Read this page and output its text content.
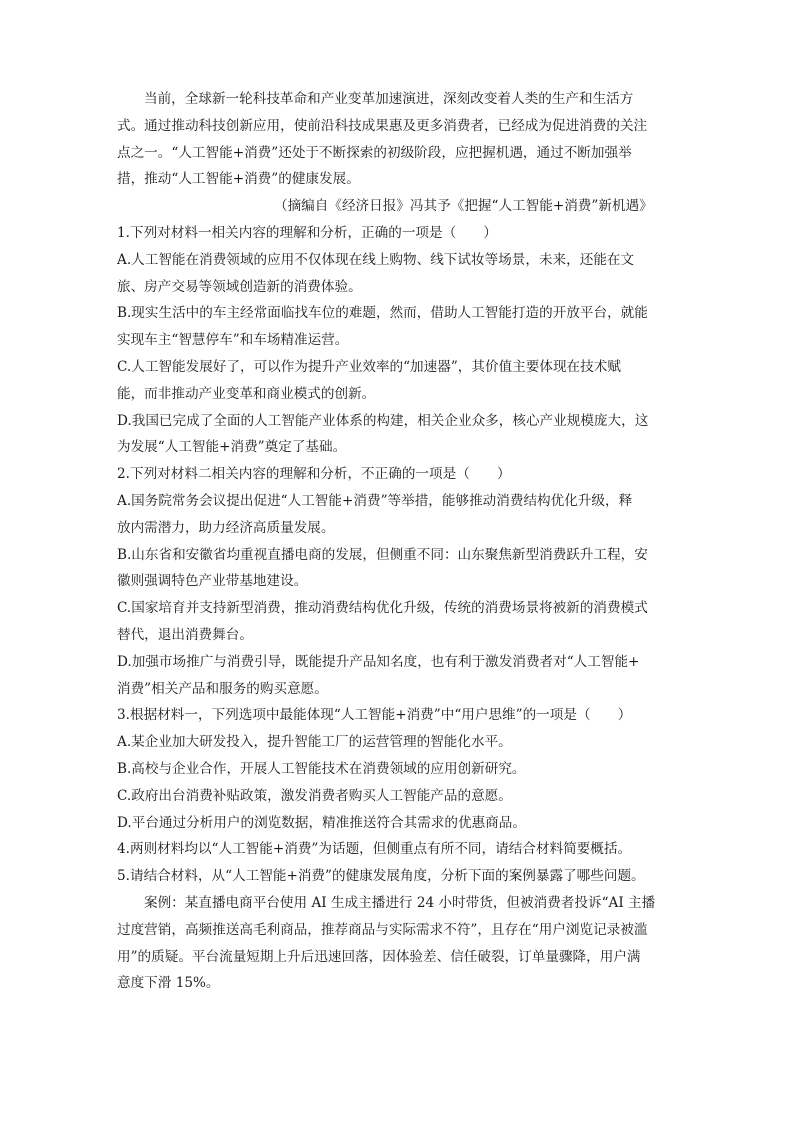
当前，全球新一轮科技革命和产业变革加速演进，深刻改变着人类的生产和生活方
式。通过推动科技创新应用，使前沿科技成果惠及更多消费者，已经成为促进消费的关注
点之一。“人工智能+消费”还处于不断探索的初级阶段，应把握机遇，通过不断加强举
措，推动“人工智能+消费”的健康发展。
（摘编自《经济日报》冯其予《把握“人工智能+消费”新机遇》
1.下列对材料一相关内容的理解和分析，正确的一项是（　　）
A.人工智能在消费领域的应用不仅体现在线上购物、线下试妆等场景，未来，还能在文
旅、房产交易等领域创造新的消费体验。
B.现实生活中的车主经常面临找车位的难题，然而，借助人工智能打造的开放平台，就能
实现车主“智慧停车”和车场精准运营。
C.人工智能发展好了，可以作为提升产业效率的“加速器”，其价值主要体现在技术赋
能，而非推动产业变革和商业模式的创新。
D.我国已完成了全面的人工智能产业体系的构建，相关企业众多，核心产业规模庞大，这
为发展“人工智能+消费”奠定了基础。
2.下列对材料二相关内容的理解和分析，不正确的一项是（　　）
A.国务院常务会议提出促进“人工智能+消费”等举措，能够推动消费结构优化升级，释
放内需潜力，助力经济高质量发展。
B.山东省和安徽省均重视直播电商的发展，但侧重不同：山东聚焦新型消费跃升工程，安
徽则强调特色产业带基地建设。
C.国家培育并支持新型消费，推动消费结构优化升级，传统的消费场景将被新的消费模式
替代，退出消费舞台。
D.加强市场推广与消费引导，既能提升产品知名度，也有利于激发消费者对“人工智能+
消费”相关产品和服务的购买意愿。
3.根据材料一，下列选项中最能体现“人工智能+消费”中“用户思维”的一项是（　　）
A.某企业加大研发投入，提升智能工厂的运营管理的智能化水平。
B.高校与企业合作，开展人工智能技术在消费领域的应用创新研究。
C.政府出台消费补贴政策，激发消费者购买人工智能产品的意愿。
D.平台通过分析用户的浏览数据，精准推送符合其需求的优惠商品。
4.两则材料均以“人工智能+消费”为话题，但侧重点有所不同，请结合材料简要概括。
5.请结合材料，从“人工智能+消费”的健康发展角度，分析下面的案例暴露了哪些问题。
案例：某直播电商平台使用 AI 生成主播进行 24 小时带货，但被消费者投诉“AI 主播
过度营销，高频推送高毛利商品，推荐商品与实际需求不符”，且存在“用户浏览记录被滥
用”的质疑。平台流量短期上升后迅速回落，因体验差、信任破裂，订单量骤降，用户满
意度下滑 15%。
